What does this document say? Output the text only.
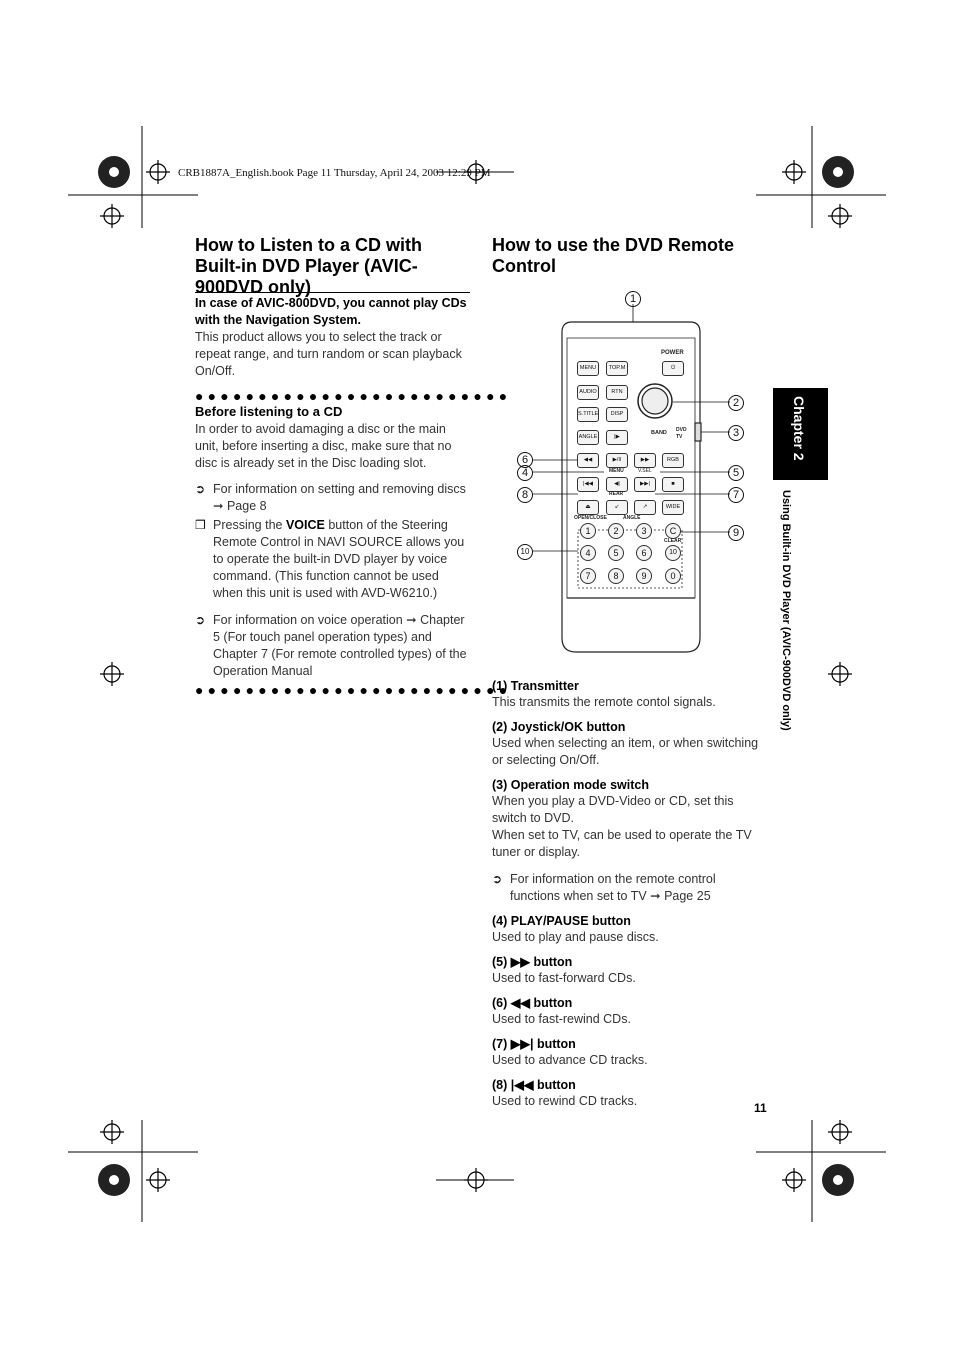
CRB1887A_English.book Page 11 Thursday, April 24, 2003 12:29 PM
How to Listen to a CD with Built-in DVD Player (AVIC-900DVD only)
In case of AVIC-800DVD, you cannot play CDs with the Navigation System.
This product allows you to select the track or repeat range, and turn random or scan playback On/Off.
●●●●●●●●●●●●●●●●●●●●●●●●●
Before listening to a CD
In order to avoid damaging a disc or the main unit, before inserting a disc, make sure that no disc is already set in the Disc loading slot.
➲ For information on setting and removing discs ➞ Page 8
❒ Pressing the VOICE button of the Steering Remote Control in NAVI SOURCE allows you to operate the built-in DVD player by voice command. (This function cannot be used when this unit is used with AVD-W6210.)
➲ For information on voice operation ➞ Chapter 5 (For touch panel operation types) and Chapter 7 (For remote controlled types) of the Operation Manual
●●●●●●●●●●●●●●●●●●●●●●●●●
How to use the DVD Remote Control
POWER
⏻
MENU	TOP.M
AUDIO	RTN
S.TITLE	DISP
ANGLE	|▶
BAND DVD TV
◀◀	▶/II	▶▶	RGB
MENU	V.SEL
|◀◀	◀|	▶▶|	■
REAR
⏏	↙	↗	WIDE
OPEN/CLOSE	ANGLE
1	2	3	C
CLEAR
4	5	6	10
7	8	9	0
1
2
3
6
4	5
8	7
9
10
(1) Transmitter
This transmits the remote contol signals.
(2) Joystick/OK button
Used when selecting an item, or when switching or selecting On/Off.
(3) Operation mode switch
When you play a DVD-Video or CD, set this switch to DVD.
When set to TV, can be used to operate the TV tuner or display.
➲ For information on the remote control functions when set to TV ➞ Page 25
(4) PLAY/PAUSE button
Used to play and pause discs.
(5) ▶▶ button
Used to fast-forward CDs.
(6) ◀◀ button
Used to fast-rewind CDs.
(7) ▶▶| button
Used to advance CD tracks.
(8) |◀◀ button
Used to rewind CD tracks.
Chapter 2
Using Built-in DVD Player (AVIC-900DVD only)
11
